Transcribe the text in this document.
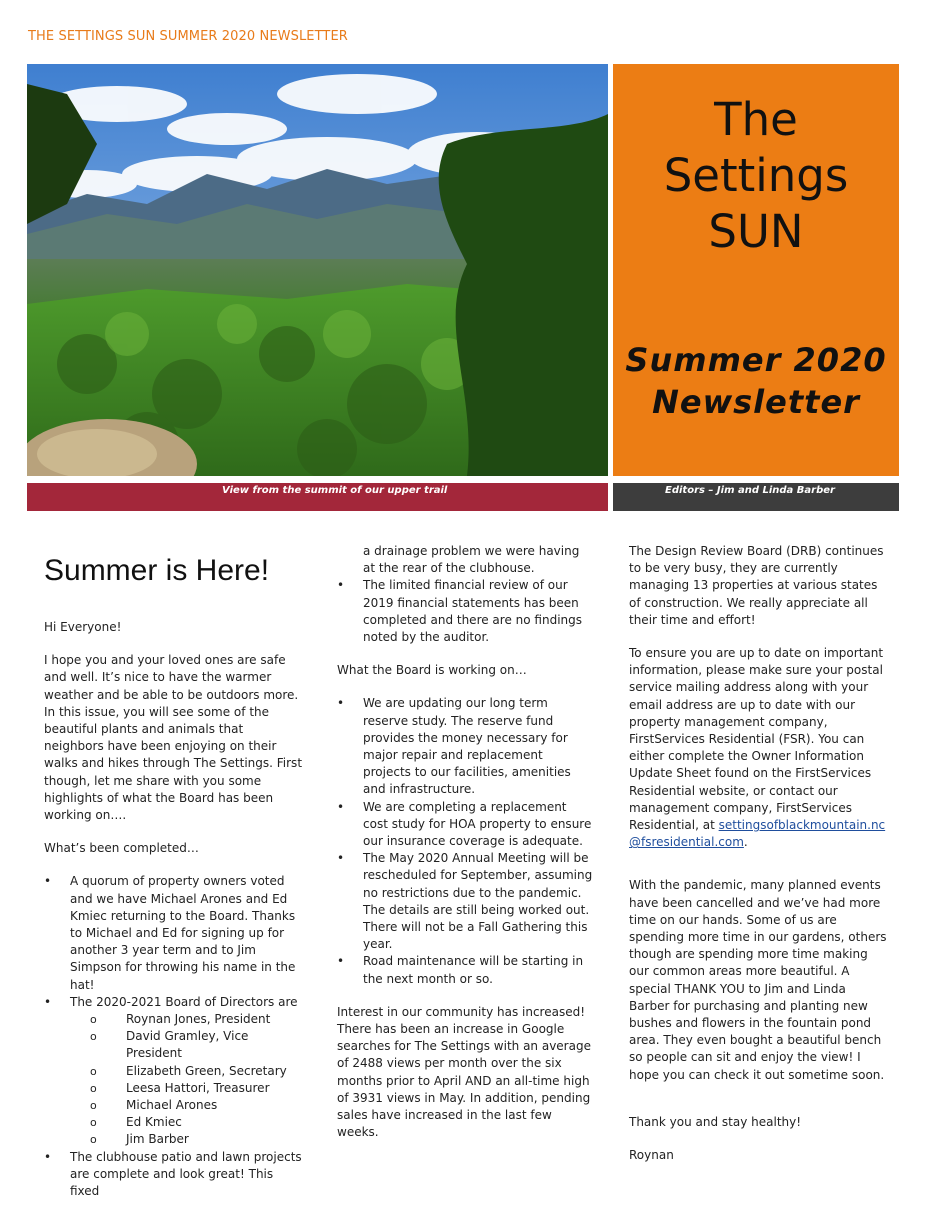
THE SETTINGS SUN SUMMER 2020 NEWSLETTER
The
Settings
SUN
Summer 2020
Newsletter
View from the summit of our upper trail	Editors – Jim and Linda Barber
Summer is Here!

Hi Everyone!

I hope you and your loved ones are safe and well. It’s nice to have the warmer weather and be able to be outdoors more. In this issue, you will see some of the beautiful plants and animals that neighbors have been enjoying on their walks and hikes through The Settings. First though, let me share with you some highlights of what the Board has been working on….

What’s been completed…

• A quorum of property owners voted and we have Michael Arones and Ed Kmiec returning to the Board. Thanks to Michael and Ed for signing up for another 3 year term and to Jim Simpson for throwing his name in the hat!
• The 2020-2021 Board of Directors are
o Roynan Jones, President
o David Gramley, Vice President
o Elizabeth Green, Secretary
o Leesa Hattori, Treasurer
o Michael Arones
o Ed Kmiec
o Jim Barber
• The clubhouse patio and lawn projects are complete and look great! This fixed

a drainage problem we were having at the rear of the clubhouse.

• The limited financial review of our 2019 financial statements has been completed and there are no findings noted by the auditor.

What the Board is working on…

• We are updating our long term reserve study. The reserve fund provides the money necessary for major repair and replacement projects to our facilities, amenities and infrastructure.
• We are completing a replacement cost study for HOA property to ensure our insurance coverage is adequate.
• The May 2020 Annual Meeting will be rescheduled for September, assuming no restrictions due to the pandemic. The details are still being worked out. There will not be a Fall Gathering this year.
• Road maintenance will be starting in the next month or so.

Interest in our community has increased! There has been an increase in Google searches for The Settings with an average of 2488 views per month over the six months prior to April AND an all-time high of 3931 views in May. In addition, pending sales have increased in the last few weeks.

The Design Review Board (DRB) continues to be very busy, they are currently managing 13 properties at various states of construction. We really appreciate all their time and effort!

To ensure you are up to date on important information, please make sure your postal service mailing address along with your email address are up to date with our property management company, FirstServices Residential (FSR). You can either complete the Owner Information Update Sheet found on the FirstServices Residential website, or contact our management company, FirstServices Residential, at settingsofblackmountain.nc@fsresidential.com.

With the pandemic, many planned events have been cancelled and we’ve had more time on our hands. Some of us are spending more time in our gardens, others though are spending more time making our common areas more beautiful. A special THANK YOU to Jim and Linda Barber for purchasing and planting new bushes and flowers in the fountain pond area. They even bought a beautiful bench so people can sit and enjoy the view! I hope you can check it out sometime soon.

Thank you and stay healthy!

Roynan
